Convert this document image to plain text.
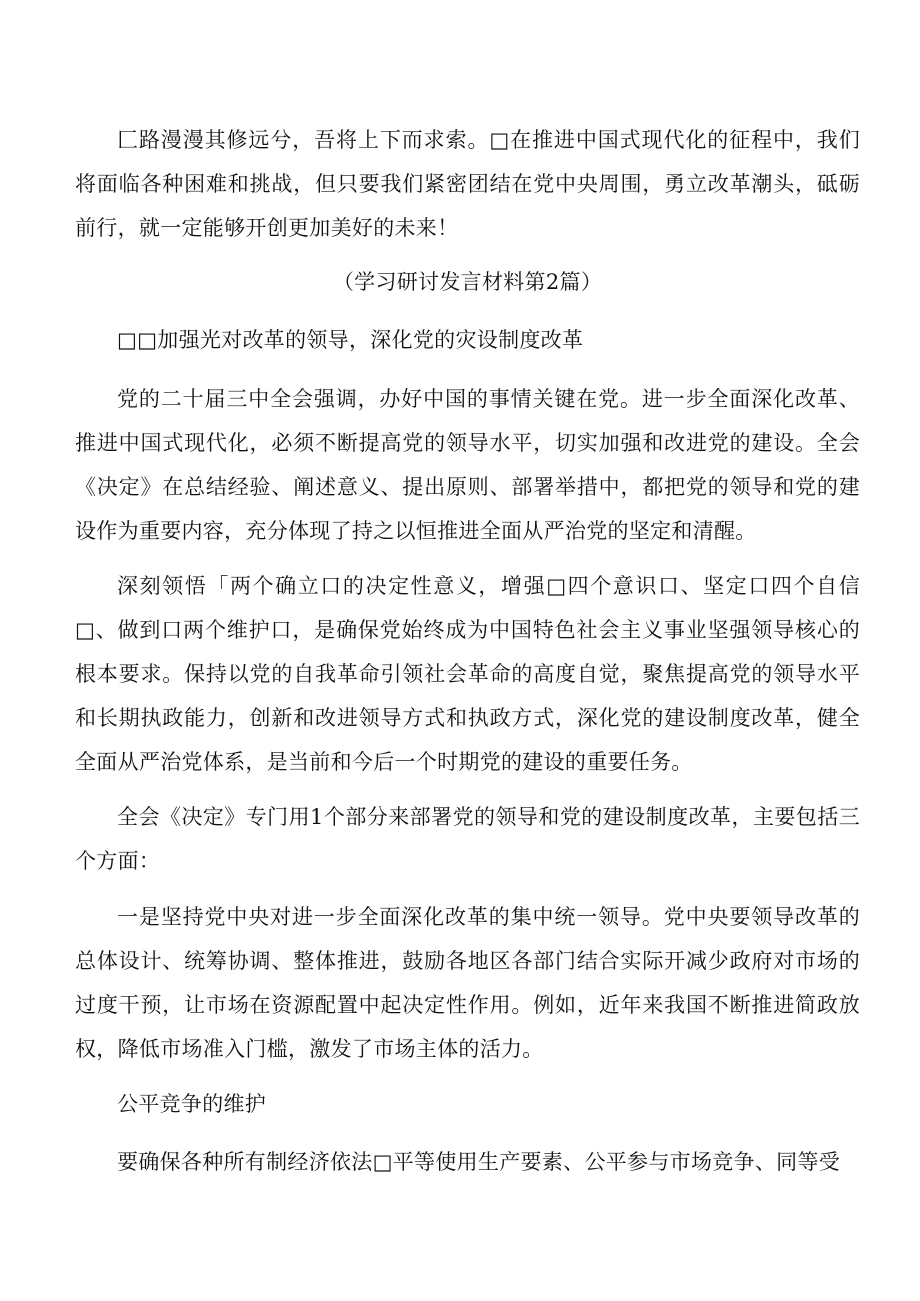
匚路漫漫其修远兮，吾将上下而求索。□在推进中国式现代化的征程中，我们将面临各种困难和挑战，但只要我们紧密团结在党中央周围，勇立改革潮头，砥砺前行，就一定能够开创更加美好的未来！

（学习研讨发言材料第2篇）

□□加强光对改革的领导，深化党的灾设制度改革

党的二十届三中全会强调，办好中国的事情关键在党。进一步全面深化改革、推进中国式现代化，必须不断提高党的领导水平，切实加强和改进党的建设。全会《决定》在总结经验、阐述意义、提出原则、部署举措中，都把党的领导和党的建设作为重要内容，充分体现了持之以恒推进全面从严治党的坚定和清醒。

深刻领悟「两个确立口的决定性意义，增强□四个意识口、坚定口四个自信□、做到口两个维护口，是确保党始终成为中国特色社会主义事业坚强领导核心的根本要求。保持以党的自我革命引领社会革命的高度自觉，聚焦提高党的领导水平和长期执政能力，创新和改进领导方式和执政方式，深化党的建设制度改革，健全全面从严治党体系，是当前和今后一个时期党的建设的重要任务。

全会《决定》专门用1个部分来部署党的领导和党的建设制度改革，主要包括三个方面：

一是坚持党中央对进一步全面深化改革的集中统一领导。党中央要领导改革的总体设计、统筹协调、整体推进，鼓励各地区各部门结合实际开减少政府对市场的过度干预，让市场在资源配置中起决定性作用。例如，近年来我国不断推进简政放权，降低市场准入门槛，激发了市场主体的活力。

公平竞争的维护

要确保各种所有制经济依法□平等使用生产要素、公平参与市场竞争、同等受
